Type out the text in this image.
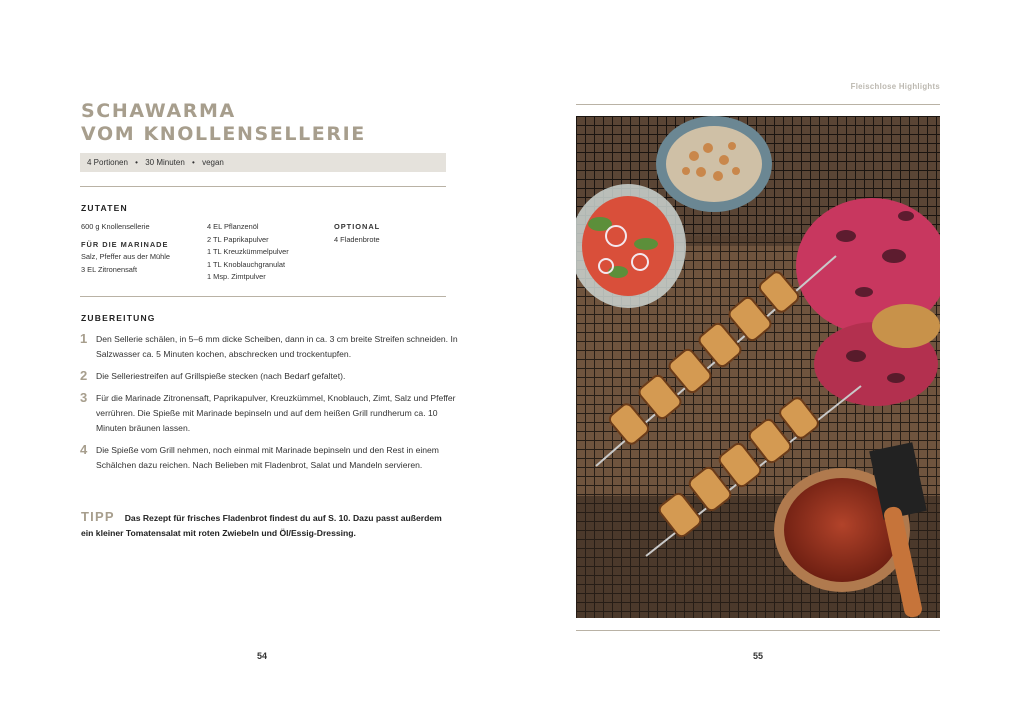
SCHAWARMA
VOM KNOLLENSELLERIE
4 Portionen • 30 Minuten • vegan
ZUTATEN
600 g Knollensellerie
FÜR DIE MARINADE
Salz, Pfeffer aus der Mühle
3 EL Zitronensaft
4 EL Pflanzenöl
2 TL Paprikapulver
1 TL Kreuzkümmelpulver
1 TL Knoblauchgranulat
1 Msp. Zimtpulver
OPTIONAL
4 Fladenbrote
ZUBEREITUNG
1 Den Sellerie schälen, in 5–6 mm dicke Scheiben, dann in ca. 3 cm breite Streifen schneiden. In Salzwasser ca. 5 Minuten kochen, abschrecken und trockentupfen.
2 Die Selleriestreifen auf Grillspieße stecken (nach Bedarf gefaltet).
3 Für die Marinade Zitronensaft, Paprikapulver, Kreuzkümmel, Knoblauch, Zimt, Salz und Pfeffer verrühren. Die Spieße mit Marinade bepinseln und auf dem heißen Grill rundherum ca. 10 Minuten bräunen lassen.
4 Die Spieße vom Grill nehmen, noch einmal mit Marinade bepinseln und den Rest in einem Schälchen dazu reichen. Nach Belieben mit Fladenbrot, Salat und Mandeln servieren.
TIPP Das Rezept für frisches Fladenbrot findest du auf S. 10. Dazu passt außerdem ein kleiner Tomatensalat mit roten Zwiebeln und Öl/Essig-Dressing.
54
Fleischlose Highlights
55
